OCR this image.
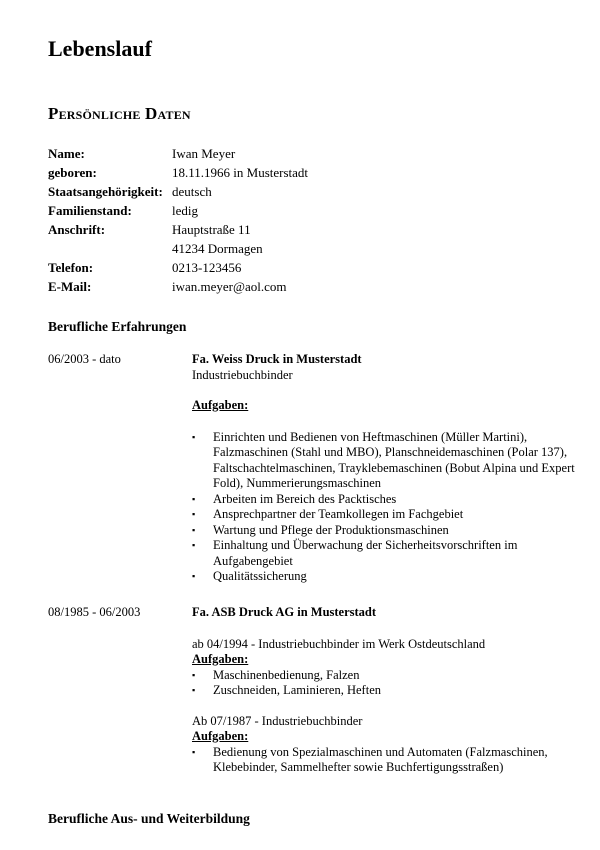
Lebenslauf
Persönliche Daten
Name:	Iwan Meyer
geboren:	18.11.1966 in Musterstadt
Staatsangehörigkeit: deutsch
Familienstand:	ledig
Anschrift:	Hauptstraße 11
41234 Dormagen
Telefon:	0213-123456
E-Mail:	iwan.meyer@aol.com
Berufliche Erfahrungen
06/2003 - dato	Fa. Weiss Druck in Musterstadt
Industriebuchbinder
Aufgaben:
▪ Einrichten und Bedienen von Heftmaschinen (Müller Martini), Falzmaschinen (Stahl und MBO), Planschneidemaschinen (Polar 137), Faltschachtelmaschinen, Trayklebemaschinen (Bobut Alpina und Expert Fold), Nummerierungsmaschinen
▪ Arbeiten im Bereich des Packtisches
▪ Ansprechpartner der Teamkollegen im Fachgebiet
▪ Wartung und Pflege der Produktionsmaschinen
▪ Einhaltung und Überwachung der Sicherheitsvorschriften im Aufgabengebiet
▪ Qualitätssicherung
08/1985 - 06/2003	Fa. ASB Druck AG in Musterstadt
ab 04/1994 - Industriebuchbinder im Werk Ostdeutschland
Aufgaben:
▪ Maschinenbedienung, Falzen
▪ Zuschneiden, Laminieren, Heften
Ab 07/1987 - Industriebuchbinder
Aufgaben:
▪ Bedienung von Spezialmaschinen und Automaten (Falzmaschinen, Klebebinder, Sammelhefter sowie Buchfertigungsstraßen)
Berufliche Aus- und Weiterbildung
